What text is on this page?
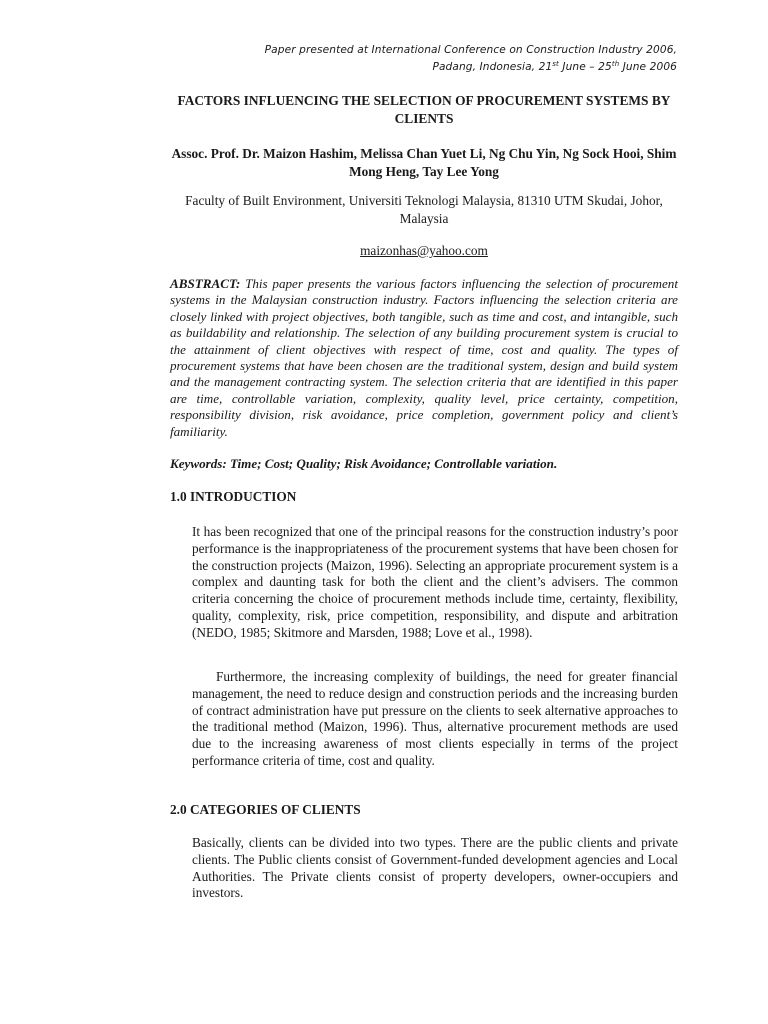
Paper presented at International Conference on Construction Industry 2006,
Padang, Indonesia, 21st June – 25th June 2006
FACTORS INFLUENCING THE SELECTION OF PROCUREMENT SYSTEMS BY CLIENTS
Assoc. Prof. Dr. Maizon Hashim, Melissa Chan Yuet Li, Ng Chu Yin, Ng Sock Hooi, Shim Mong Heng, Tay Lee Yong
Faculty of Built Environment, Universiti Teknologi Malaysia, 81310 UTM Skudai, Johor, Malaysia
maizonhas@yahoo.com
ABSTRACT: This paper presents the various factors influencing the selection of procurement systems in the Malaysian construction industry. Factors influencing the selection criteria are closely linked with project objectives, both tangible, such as time and cost, and intangible, such as buildability and relationship. The selection of any building procurement system is crucial to the attainment of client objectives with respect of time, cost and quality. The types of procurement systems that have been chosen are the traditional system, design and build system and the management contracting system. The selection criteria that are identified in this paper are time, controllable variation, complexity, quality level, price certainty, competition, responsibility division, risk avoidance, price completion, government policy and client’s familiarity.
Keywords: Time; Cost; Quality; Risk Avoidance; Controllable variation.
1.0 INTRODUCTION
It has been recognized that one of the principal reasons for the construction industry’s poor performance is the inappropriateness of the procurement systems that have been chosen for the construction projects (Maizon, 1996). Selecting an appropriate procurement system is a complex and daunting task for both the client and the client’s advisers. The common criteria concerning the choice of procurement methods include time, certainty, flexibility, quality, complexity, risk, price competition, responsibility, and dispute and arbitration (NEDO, 1985; Skitmore and Marsden, 1988; Love et al., 1998).
Furthermore, the increasing complexity of buildings, the need for greater financial management, the need to reduce design and construction periods and the increasing burden of contract administration have put pressure on the clients to seek alternative approaches to the traditional method (Maizon, 1996). Thus, alternative procurement methods are used due to the increasing awareness of most clients especially in terms of the project performance criteria of time, cost and quality.
2.0 CATEGORIES OF CLIENTS
Basically, clients can be divided into two types. There are the public clients and private clients. The Public clients consist of Government-funded development agencies and Local Authorities. The Private clients consist of property developers, owner-occupiers and investors.
